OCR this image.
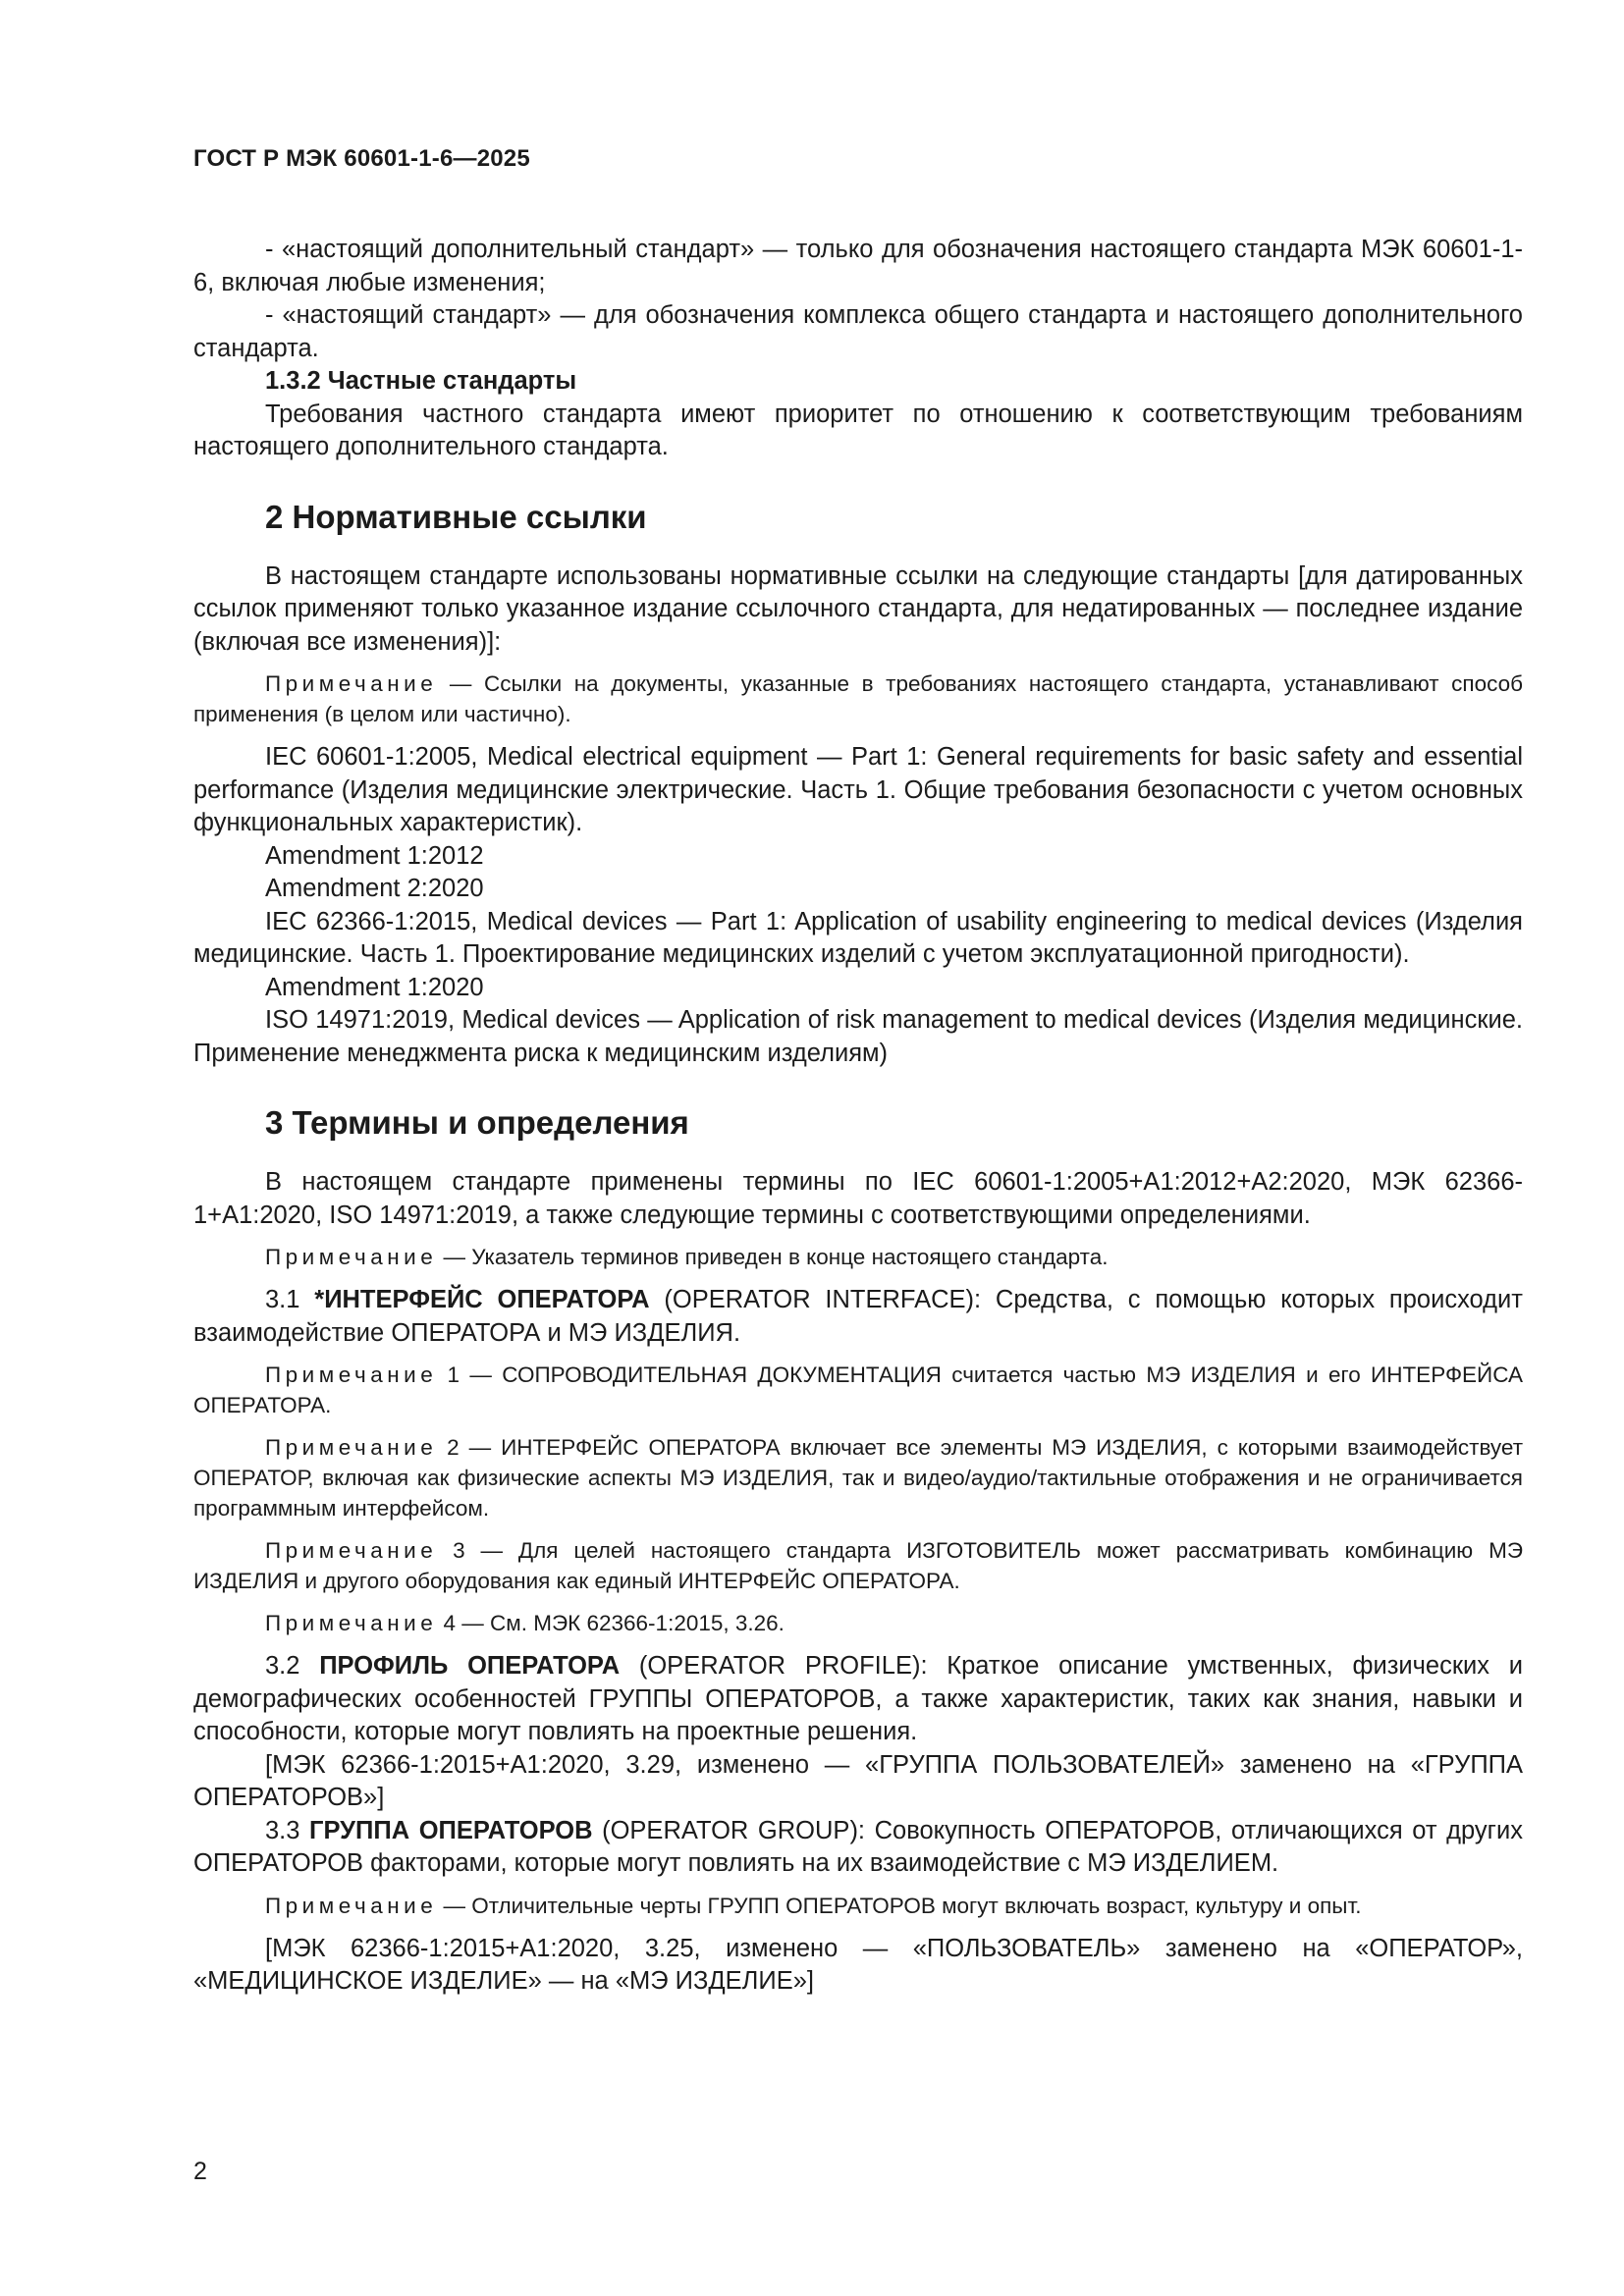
ГОСТ Р МЭК 60601-1-6—2025

- «настоящий дополнительный стандарт» — только для обозначения настоящего стандарта МЭК 60601-1-6, включая любые изменения;

- «настоящий стандарт» — для обозначения комплекса общего стандарта и настоящего дополнительного стандарта.

1.3.2 Частные стандарты

Требования частного стандарта имеют приоритет по отношению к соответствующим требованиям настоящего дополнительного стандарта.

2 Нормативные ссылки

В настоящем стандарте использованы нормативные ссылки на следующие стандарты [для датированных ссылок применяют только указанное издание ссылочного стандарта, для недатированных — последнее издание (включая все изменения)]:

Примечание — Ссылки на документы, указанные в требованиях настоящего стандарта, устанавливают способ применения (в целом или частично).

IEC 60601-1:2005, Medical electrical equipment — Part 1: General requirements for basic safety and essential performance (Изделия медицинские электрические. Часть 1. Общие требования безопасности с учетом основных функциональных характеристик).

Amendment 1:2012

Amendment 2:2020

IEC 62366-1:2015, Medical devices — Part 1: Application of usability engineering to medical devices (Изделия медицинские. Часть 1. Проектирование медицинских изделий с учетом эксплуатационной пригодности).

Amendment 1:2020

ISO 14971:2019, Medical devices — Application of risk management to medical devices (Изделия медицинские. Применение менеджмента риска к медицинским изделиям)

3 Термины и определения

В настоящем стандарте применены термины по IEC 60601-1:2005+A1:2012+A2:2020, МЭК 62366-1+A1:2020, ISO 14971:2019, а также следующие термины с соответствующими определениями.

Примечание — Указатель терминов приведен в конце настоящего стандарта.

3.1 *ИНТЕРФЕЙС ОПЕРАТОРА (OPERATOR INTERFACE): Средства, с помощью которых происходит взаимодействие ОПЕРАТОРА и МЭ ИЗДЕЛИЯ.

Примечание 1 — СОПРОВОДИТЕЛЬНАЯ ДОКУМЕНТАЦИЯ считается частью МЭ ИЗДЕЛИЯ и его ИНТЕРФЕЙСА ОПЕРАТОРА.

Примечание 2 — ИНТЕРФЕЙС ОПЕРАТОРА включает все элементы МЭ ИЗДЕЛИЯ, с которыми взаимодействует ОПЕРАТОР, включая как физические аспекты МЭ ИЗДЕЛИЯ, так и видео/аудио/тактильные отображения и не ограничивается программным интерфейсом.

Примечание 3 — Для целей настоящего стандарта ИЗГОТОВИТЕЛЬ может рассматривать комбинацию МЭ ИЗДЕЛИЯ и другого оборудования как единый ИНТЕРФЕЙС ОПЕРАТОРА.

Примечание 4 — См. МЭК 62366-1:2015, 3.26.

3.2 ПРОФИЛЬ ОПЕРАТОРА (OPERATOR PROFILE): Краткое описание умственных, физических и демографических особенностей ГРУППЫ ОПЕРАТОРОВ, а также характеристик, таких как знания, навыки и способности, которые могут повлиять на проектные решения.

[МЭК 62366-1:2015+A1:2020, 3.29, изменено — «ГРУППА ПОЛЬЗОВАТЕЛЕЙ» заменено на «ГРУППА ОПЕРАТОРОВ»]

3.3 ГРУППА ОПЕРАТОРОВ (OPERATOR GROUP): Совокупность ОПЕРАТОРОВ, отличающихся от других ОПЕРАТОРОВ факторами, которые могут повлиять на их взаимодействие с МЭ ИЗДЕЛИЕМ.

Примечание — Отличительные черты ГРУПП ОПЕРАТОРОВ могут включать возраст, культуру и опыт.

[МЭК 62366-1:2015+A1:2020, 3.25, изменено — «ПОЛЬЗОВАТЕЛЬ» заменено на «ОПЕРАТОР», «МЕДИЦИНСКОЕ ИЗДЕЛИЕ» — на «МЭ ИЗДЕЛИЕ»]

2
